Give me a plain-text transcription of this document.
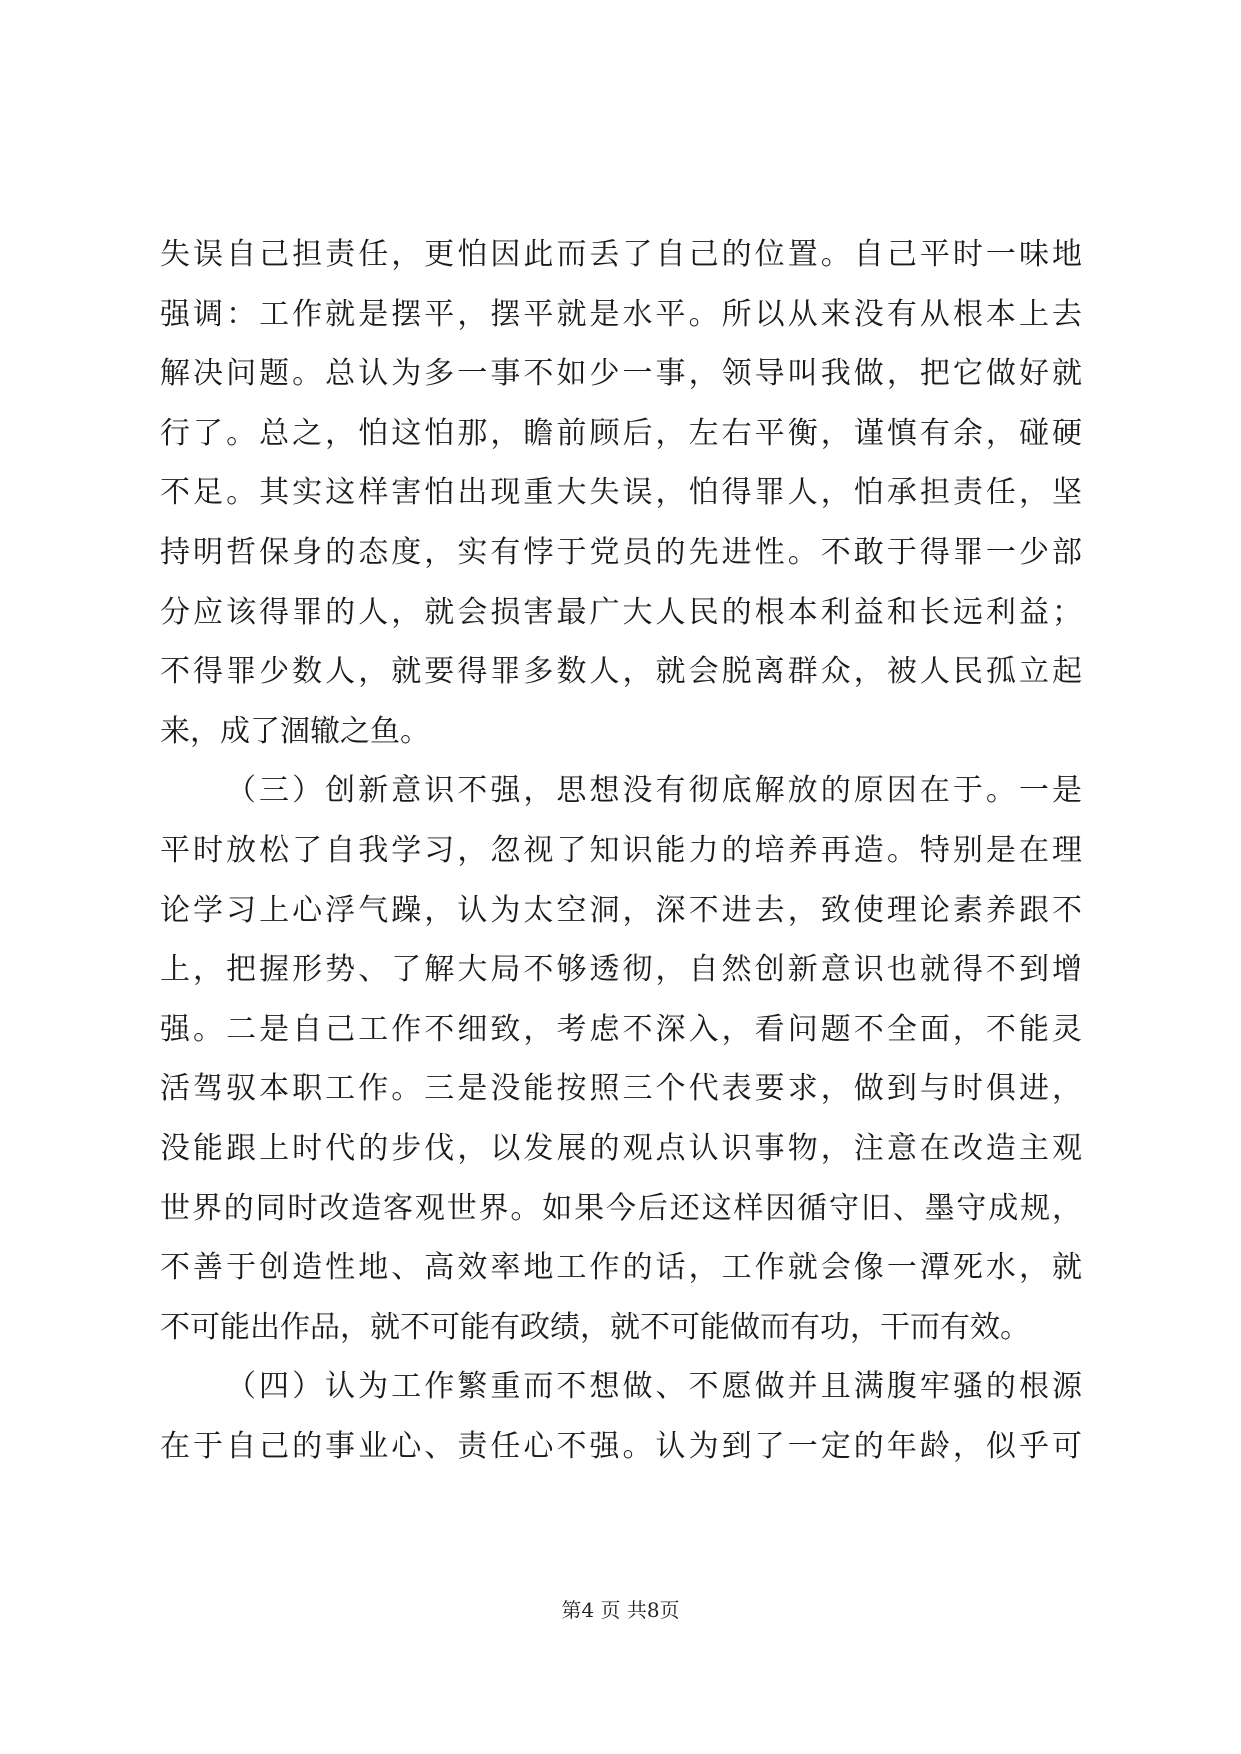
失误自己担责任，更怕因此而丢了自己的位置。自己平时一味地
强调：工作就是摆平，摆平就是水平。所以从来没有从根本上去
解决问题。总认为多一事不如少一事，领导叫我做，把它做好就
行了。总之，怕这怕那，瞻前顾后，左右平衡，谨慎有余，碰硬
不足。其实这样害怕出现重大失误，怕得罪人，怕承担责任，坚
持明哲保身的态度，实有悖于党员的先进性。不敢于得罪一少部
分应该得罪的人，就会损害最广大人民的根本利益和长远利益；
不得罪少数人，就要得罪多数人，就会脱离群众，被人民孤立起
来，成了涸辙之鱼。
（三）创新意识不强，思想没有彻底解放的原因在于。一是
平时放松了自我学习，忽视了知识能力的培养再造。特别是在理
论学习上心浮气躁，认为太空洞，深不进去，致使理论素养跟不
上，把握形势、了解大局不够透彻，自然创新意识也就得不到增
强。二是自己工作不细致，考虑不深入，看问题不全面，不能灵
活驾驭本职工作。三是没能按照三个代表要求，做到与时俱进，
没能跟上时代的步伐，以发展的观点认识事物，注意在改造主观
世界的同时改造客观世界。如果今后还这样因循守旧、墨守成规，
不善于创造性地、高效率地工作的话，工作就会像一潭死水，就
不可能出作品，就不可能有政绩，就不可能做而有功，干而有效。
（四）认为工作繁重而不想做、不愿做并且满腹牢骚的根源
在于自己的事业心、责任心不强。认为到了一定的年龄，似乎可
第4 页 共8页
